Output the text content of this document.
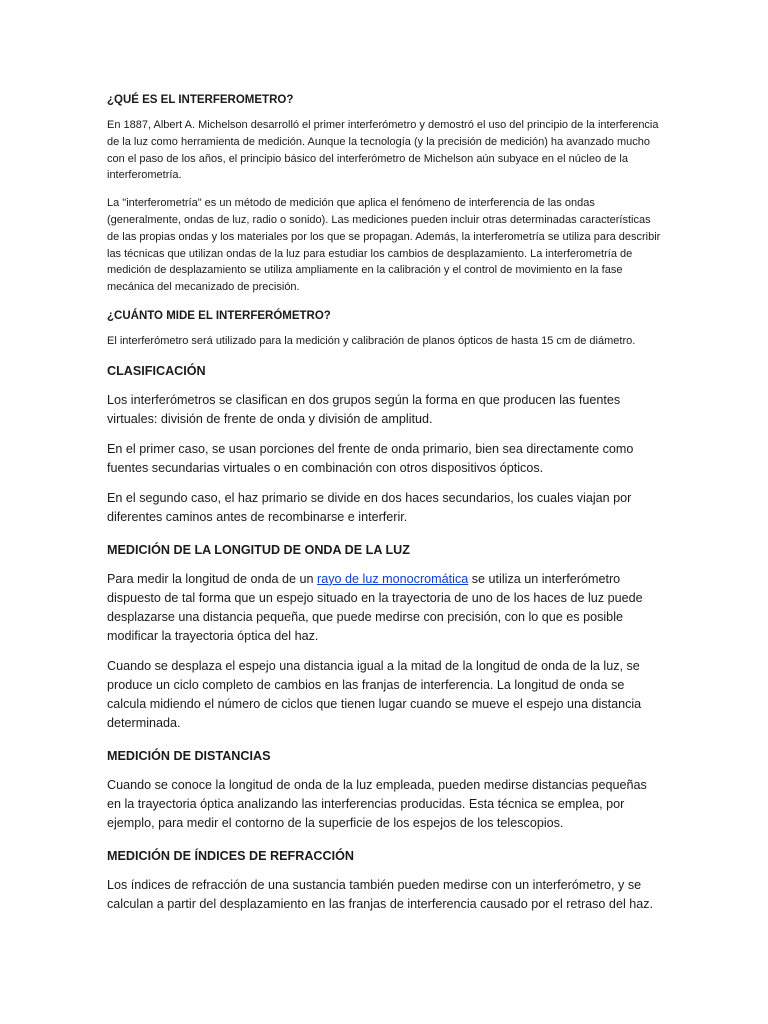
¿QUÉ ES EL INTERFEROMETRO?

En 1887, Albert A. Michelson desarrolló el primer interferómetro y demostró el uso del principio de la interferencia de la luz como herramienta de medición. Aunque la tecnología (y la precisión de medición) ha avanzado mucho con el paso de los años, el principio básico del interferómetro de Michelson aún subyace en el núcleo de la interferometría.

La "interferometría" es un método de medición que aplica el fenómeno de interferencia de las ondas (generalmente, ondas de luz, radio o sonido). Las mediciones pueden incluir otras determinadas características de las propias ondas y los materiales por los que se propagan. Además, la interferometría se utiliza para describir las técnicas que utilizan ondas de la luz para estudiar los cambios de desplazamiento. La interferometría de medición de desplazamiento se utiliza ampliamente en la calibración y el control de movimiento en la fase mecánica del mecanizado de precisión.

¿CUÁNTO MIDE EL INTERFERÓMETRO?

El interferómetro será utilizado para la medición y calibración de planos ópticos de hasta 15 cm de diámetro.

CLASIFICACIÓN

Los interferómetros se clasifican en dos grupos según la forma en que producen las fuentes virtuales: división de frente de onda y división de amplitud.

En el primer caso, se usan porciones del frente de onda primario, bien sea directamente como fuentes secundarias virtuales o en combinación con otros dispositivos ópticos.

En el segundo caso, el haz primario se divide en dos haces secundarios, los cuales viajan por diferentes caminos antes de recombinarse e interferir.

MEDICIÓN DE LA LONGITUD DE ONDA DE LA LUZ

Para medir la longitud de onda de un rayo de luz monocromática se utiliza un interferómetro dispuesto de tal forma que un espejo situado en la trayectoria de uno de los haces de luz puede desplazarse una distancia pequeña, que puede medirse con precisión, con lo que es posible modificar la trayectoria óptica del haz.

Cuando se desplaza el espejo una distancia igual a la mitad de la longitud de onda de la luz, se produce un ciclo completo de cambios en las franjas de interferencia. La longitud de onda se calcula midiendo el número de ciclos que tienen lugar cuando se mueve el espejo una distancia determinada.

MEDICIÓN DE DISTANCIAS

Cuando se conoce la longitud de onda de la luz empleada, pueden medirse distancias pequeñas en la trayectoria óptica analizando las interferencias producidas. Esta técnica se emplea, por ejemplo, para medir el contorno de la superficie de los espejos de los telescopios.

MEDICIÓN DE ÍNDICES DE REFRACCIÓN

Los índices de refracción de una sustancia también pueden medirse con un interferómetro, y se calculan a partir del desplazamiento en las franjas de interferencia causado por el retraso del haz.
